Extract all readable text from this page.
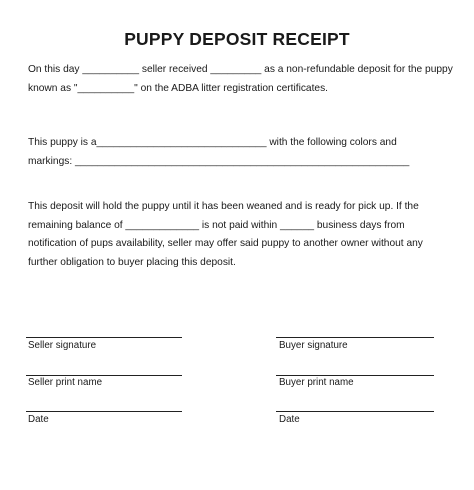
PUPPY DEPOSIT RECEIPT
On this day __________ seller received _________ as a non-refundable deposit for the puppy
known as "__________" on the ADBA litter registration certificates.
This puppy is a______________________________ with the following colors and
markings: ___________________________________________________________
This deposit will hold the puppy until it has been weaned and is ready for pick up. If the
remaining balance of _____________ is not paid within ______ business days from
notification of pups availability, seller may offer said puppy to another owner without any
further obligation to buyer placing this deposit.
Seller signature	Buyer signature
Seller print name	Buyer print name
Date	Date
